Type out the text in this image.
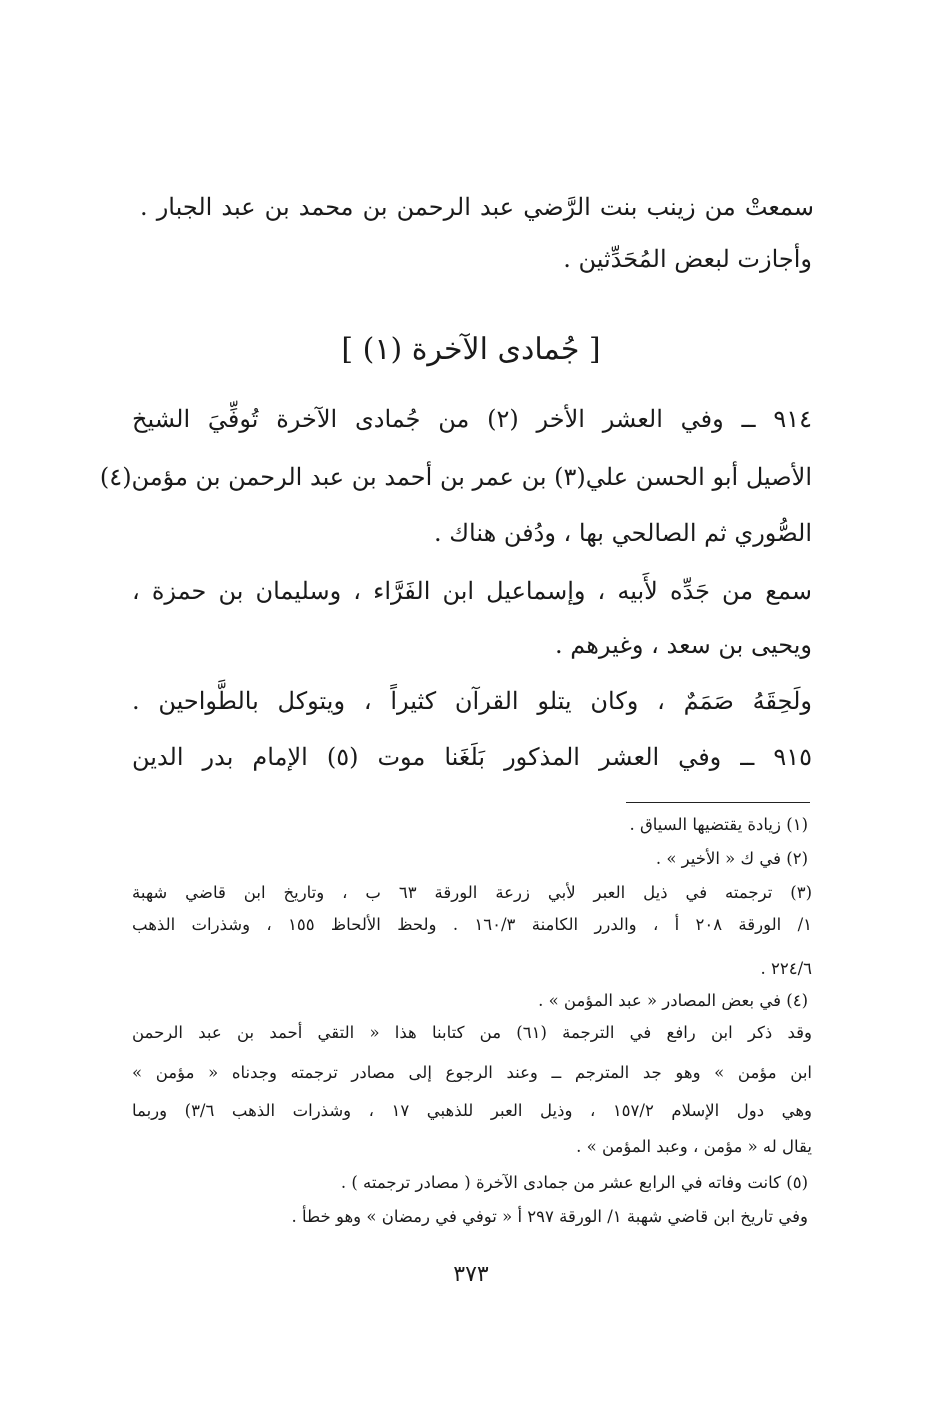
سمعتْ من زينب بنت الرَّضي عبد الرحمن بن محمد بن عبد الجبار .
وأجازت لبعض المُحَدِّثين .
[ جُمادى الآخرة (١) ]
٩١٤ ــ وفي العشر الأخر (٢) من جُمادى الآخرة تُوفِّيَ الشيخ
الأصيل أبو الحسن علي(٣) بن عمر بن أحمد بن عبد الرحمن بن مؤمن(٤)
الصُّوري ثم الصالحي بها ، ودُفن هناك .
سمع من جَدِّه لأَبيه ، وإسماعيل ابن الفَرَّاء ، وسليمان بن حمزة ،
ويحيى بن سعد ، وغيرهم .
ولَحِقَهُ صَمَمٌ ، وكان يتلو القرآن كثيراً ، ويتوكل بالطَّواحين .
٩١٥ ــ وفي العشر المذكور بَلَغَنا موت (٥) الإمام بدر الدين
(١) زيادة يقتضيها السياق .
(٢) في ك « الأخير » .
(٣) ترجمته في ذيل العبر لأبي زرعة الورقة ٦٣ ب ، وتاريخ ابن قاضي شهبة
١/ الورقة ٢٠٨ أ ، والدرر الكامنة ١٦٠/٣ . ولحظ الألحاظ ١٥٥ ، وشذرات الذهب
٢٢٤/٦ .
(٤) في بعض المصادر « عبد المؤمن » .
وقد ذكر ابن رافع في الترجمة (٦١) من كتابنا هذا « التقي أحمد بن عبد الرحمن
ابن مؤمن » وهو جد المترجم ــ وعند الرجوع إلى مصادر ترجمته وجدناه « مؤمن »
وهي دول الإسلام ١٥٧/٢ ، وذيل العبر للذهبي ١٧ ، وشذرات الذهب ٣/٦) وربما
يقال له « مؤمن ، وعبد المؤمن » .
(٥) كانت وفاته في الرابع عشر من جمادى الآخرة ( مصادر ترجمته ) .
وفي تاريخ ابن قاضي شهبة ١/ الورقة ٢٩٧ أ « توفي في رمضان » وهو خطأ .
٣٧٣
